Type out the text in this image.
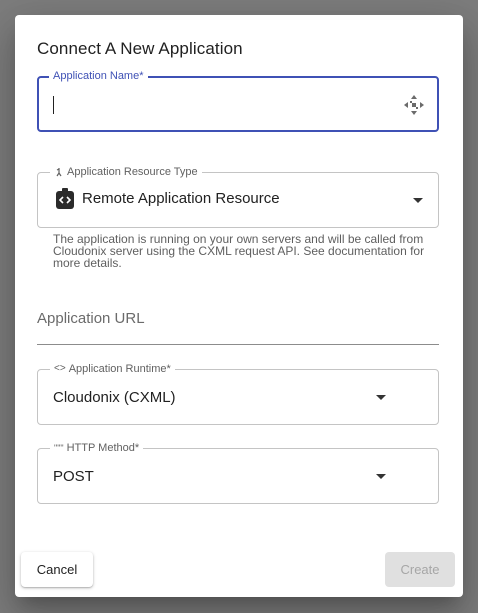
Connect A New Application
Application Name*
Application Resource Type
Remote Application Resource
The application is running on your own servers and will be called from Cloudonix server using the CXML request API. See documentation for more details.
Application URL
<> Application Runtime*
Cloudonix (CXML)
""" HTTP Method*
POST
Cancel	Create
